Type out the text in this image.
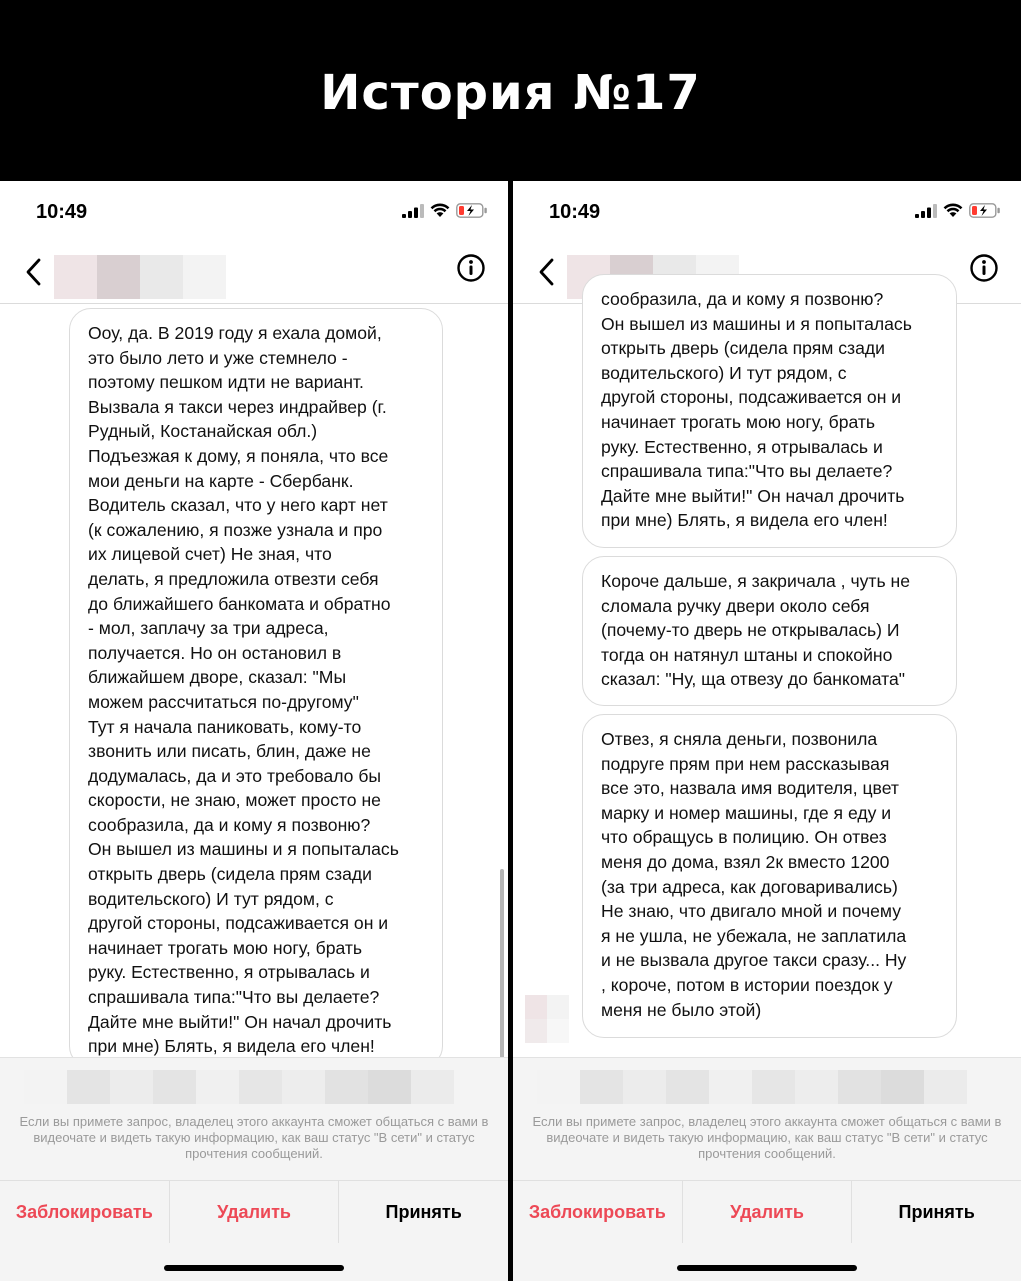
История №17
10:49

Ооу, да. В 2019 году я ехала домой,

это было лето и уже стемнело -

поэтому пешком идти не вариант.

Вызвала я такси через индрайвер (г.

Рудный, Костанайская обл.)

Подъезжая к дому, я поняла, что все

мои деньги на карте - Сбербанк.

Водитель сказал, что у него карт нет

(к сожалению, я позже узнала и про

их лицевой счет) Не зная, что

делать, я предложила отвезти себя

до ближайшего банкомата и обратно

- мол, заплачу за три адреса,

получается. Но он остановил в

ближайшем дворе, сказал: "Мы

можем рассчитаться по-другому"

Тут я начала паниковать, кому-то

звонить или писать, блин, даже не

додумалась, да и это требовало бы

скорости, не знаю, может просто не

сообразила, да и кому я позвоню?

Он вышел из машины и я попыталась

открыть дверь (сидела прям сзади

водительского) И тут рядом, с

другой стороны, подсаживается он и

начинает трогать мою ногу, брать

руку. Естественно, я отрывалась и

спрашивала типа:"Что вы делаете?

Дайте мне выйти!" Он начал дрочить

при мне) Блять, я видела его член!

Если вы примете запрос, владелец этого аккаунта сможет общаться с вами в видеочате и видеть такую информацию, как ваш статус "В сети" и статус прочтения сообщений.
Заблокировать	Удалить	Принять
10:49

сообразила, да и кому я позвоню?

Он вышел из машины и я попыталась

открыть дверь (сидела прям сзади

водительского) И тут рядом, с

другой стороны, подсаживается он и

начинает трогать мою ногу, брать

руку. Естественно, я отрывалась и

спрашивала типа:"Что вы делаете?

Дайте мне выйти!" Он начал дрочить

при мне) Блять, я видела его член!

Короче дальше, я закричала , чуть не

сломала ручку двери около себя

(почему-то дверь не открывалась) И

тогда он натянул штаны и спокойно

сказал: "Ну, ща отвезу до банкомата"

Отвез, я сняла деньги, позвонила

подруге прям при нем рассказывая

все это, назвала имя водителя, цвет

марку и номер машины, где я еду и

что обращусь в полицию. Он отвез

меня до дома, взял 2к вместо 1200

(за три адреса, как договаривались)

Не знаю, что двигало мной и почему

я не ушла, не убежала, не заплатила

и не вызвала другое такси сразу... Ну

, короче, потом в истории поездок у

меня не было этой)

Если вы примете запрос, владелец этого аккаунта сможет общаться с вами в видеочате и видеть такую информацию, как ваш статус "В сети" и статус прочтения сообщений.
Заблокировать	Удалить	Принять
